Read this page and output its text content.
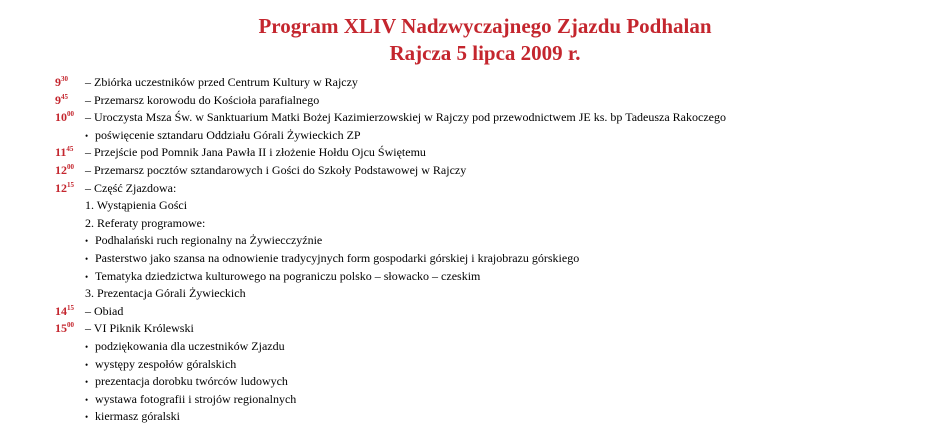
Program XLIV Nadzwyczajnego Zjazdu Podhalan
Rajcza 5 lipca 2009 r.
$9^{30}$ – Zbiórka uczestników przed Centrum Kultury w Rajczy
$9^{45}$ – Przemarsz korowodu do Kościoła parafialnego
$10^{00}$ – Uroczysta Msza Św. w Sanktuarium Matki Bożej Kazimierzowskiej w Rajczy pod przewodnictwem JE ks. bp Tadeusza Rakoczego
• poświęcenie sztandaru Oddziału Górali Żywieckich ZP
$11^{45}$ – Przejście pod Pomnik Jana Pawła II i złożenie Hołdu Ojcu Świętemu
$12^{00}$ – Przemarsz pocztów sztandarowych i Gości do Szkoły Podstawowej w Rajczy
$12^{15}$ – Część Zjazdowa:
1. Wystąpienia Gości
2. Referaty programowe:
• Podhalański ruch regionalny na Żywiecczyźnie
• Pasterstwo jako szansa na odnowienie tradycyjnych form gospodarki górskiej i krajobrazu górskiego
• Tematyka dziedzictwa kulturowego na pograniczu polsko – słowacko – czeskim
3. Prezentacja Górali Żywieckich
$14^{15}$ – Obiad
$15^{00}$ – VI Piknik Królewski
• podziękowania dla uczestników Zjazdu
• występy zespołów góralskich
• prezentacja dorobku twórców ludowych
• wystawa fotografii i strojów regionalnych
• kiermasz góralski
